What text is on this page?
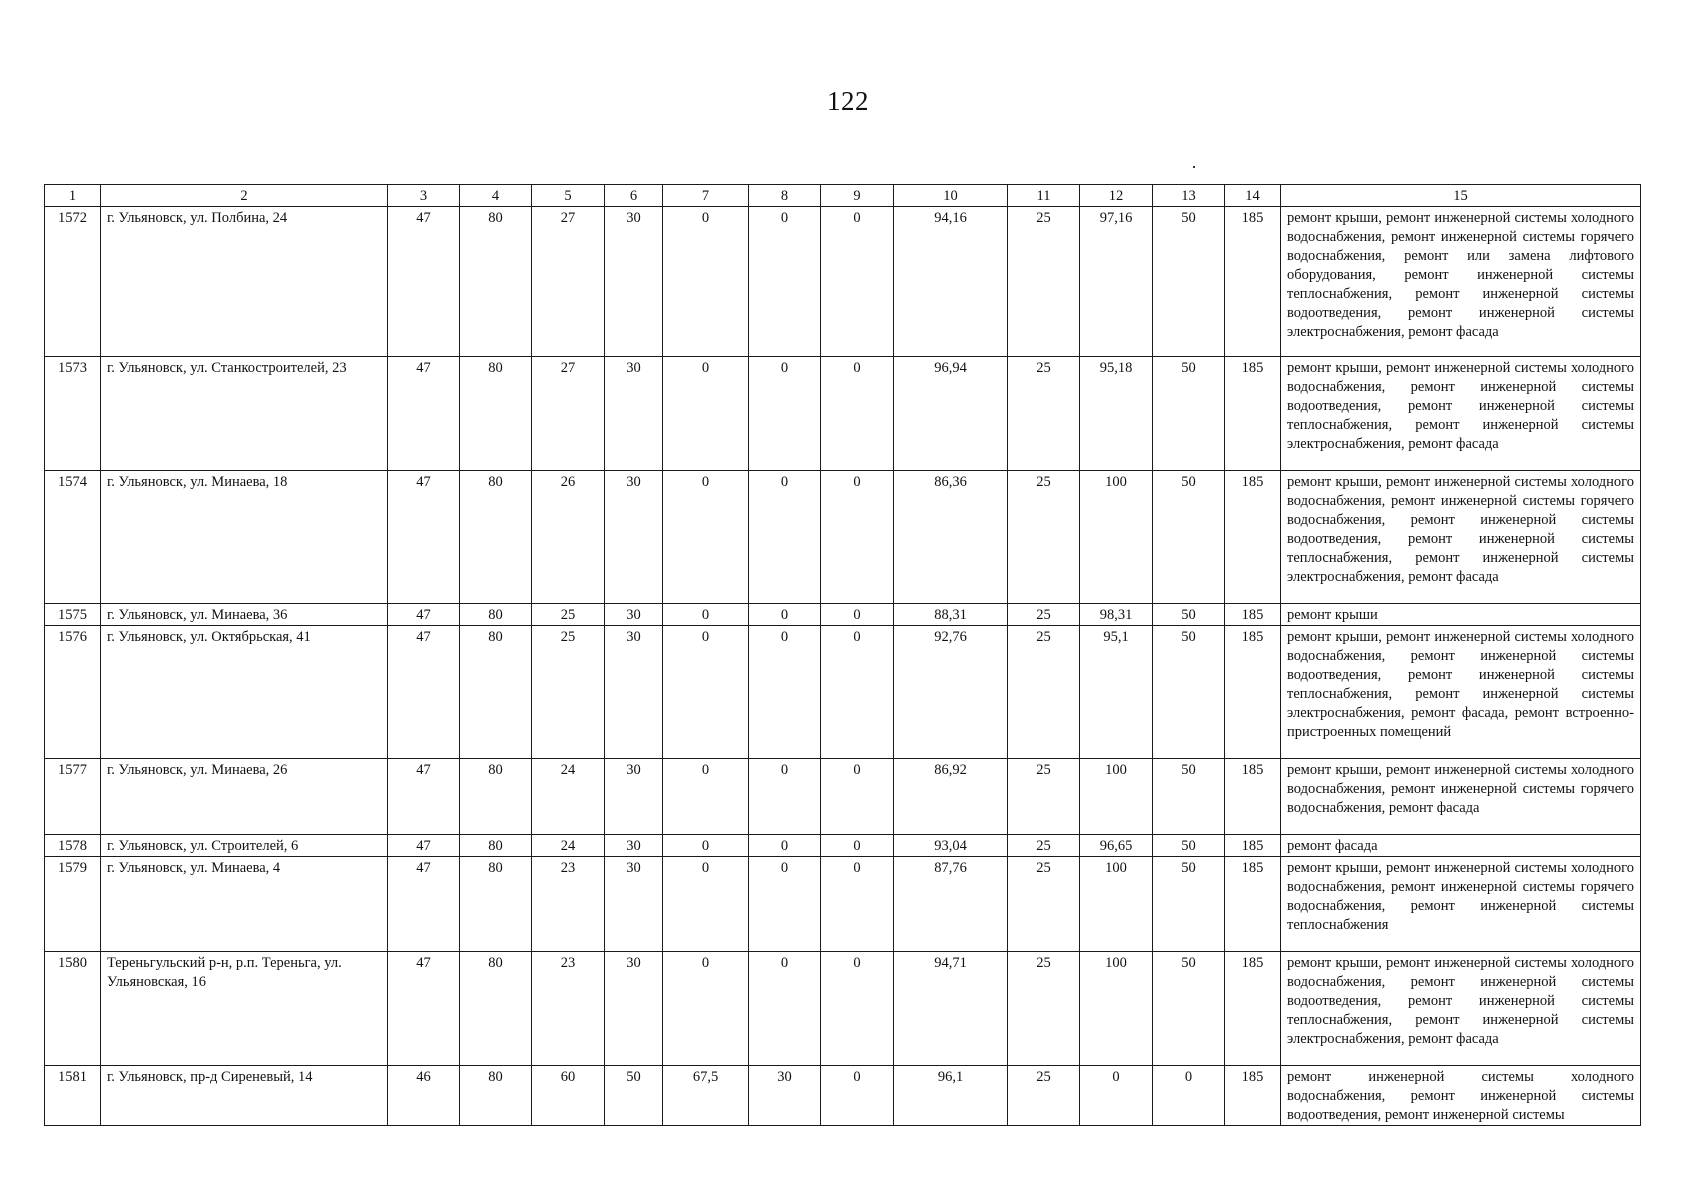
122
1	2	3	4	5	6	7	8	9	10	11	12	13	14	15
1572	г. Ульяновск, ул. Полбина, 24	47	80	27	30	0	0	0	94,16	25	97,16	50	185	ремонт крыши, ремонт инженерной системы холодного водоснабжения, ремонт инженерной системы горячего водоснабжения, ремонт или замена лифтового оборудования, ремонт инженерной системы теплоснабжения, ремонт инженерной системы водоотведения, ремонт инженерной системы электроснабжения, ремонт фасада
1573	г. Ульяновск, ул. Станкостроителей, 23	47	80	27	30	0	0	0	96,94	25	95,18	50	185	ремонт крыши, ремонт инженерной системы холодного водоснабжения, ремонт инженерной системы водоотведения, ремонт инженерной системы теплоснабжения, ремонт инженерной системы электроснабжения, ремонт фасада
1574	г. Ульяновск, ул. Минаева, 18	47	80	26	30	0	0	0	86,36	25	100	50	185	ремонт крыши, ремонт инженерной системы холодного водоснабжения, ремонт инженерной системы горячего водоснабжения, ремонт инженерной системы водоотведения, ремонт инженерной системы теплоснабжения, ремонт инженерной системы электроснабжения, ремонт фасада
1575	г. Ульяновск, ул. Минаева, 36	47	80	25	30	0	0	0	88,31	25	98,31	50	185	ремонт крыши
1576	г. Ульяновск, ул. Октябрьская, 41	47	80	25	30	0	0	0	92,76	25	95,1	50	185	ремонт крыши, ремонт инженерной системы холодного водоснабжения, ремонт инженерной системы водоотведения, ремонт инженерной системы теплоснабжения, ремонт инженерной системы электроснабжения, ремонт фасада, ремонт встроенно-пристроенных помещений
1577	г. Ульяновск, ул. Минаева, 26	47	80	24	30	0	0	0	86,92	25	100	50	185	ремонт крыши, ремонт инженерной системы холодного водоснабжения, ремонт инженерной системы горячего водоснабжения, ремонт фасада
1578	г. Ульяновск, ул. Строителей, 6	47	80	24	30	0	0	0	93,04	25	96,65	50	185	ремонт фасада
1579	г. Ульяновск, ул. Минаева, 4	47	80	23	30	0	0	0	87,76	25	100	50	185	ремонт крыши, ремонт инженерной системы холодного водоснабжения, ремонт инженерной системы горячего водоснабжения, ремонт инженерной системы теплоснабжения
1580	Тереньгульский р-н, р.п. Тереньга, ул. Ульяновская, 16	47	80	23	30	0	0	0	94,71	25	100	50	185	ремонт крыши, ремонт инженерной системы холодного водоснабжения, ремонт инженерной системы водоотведения, ремонт инженерной системы теплоснабжения, ремонт инженерной системы электроснабжения, ремонт фасада
1581	г. Ульяновск, пр-д Сиреневый, 14	46	80	60	50	67,5	30	0	96,1	25	0	0	185	ремонт инженерной системы холодного водоснабжения, ремонт инженерной системы водоотведения, ремонт инженерной системы
